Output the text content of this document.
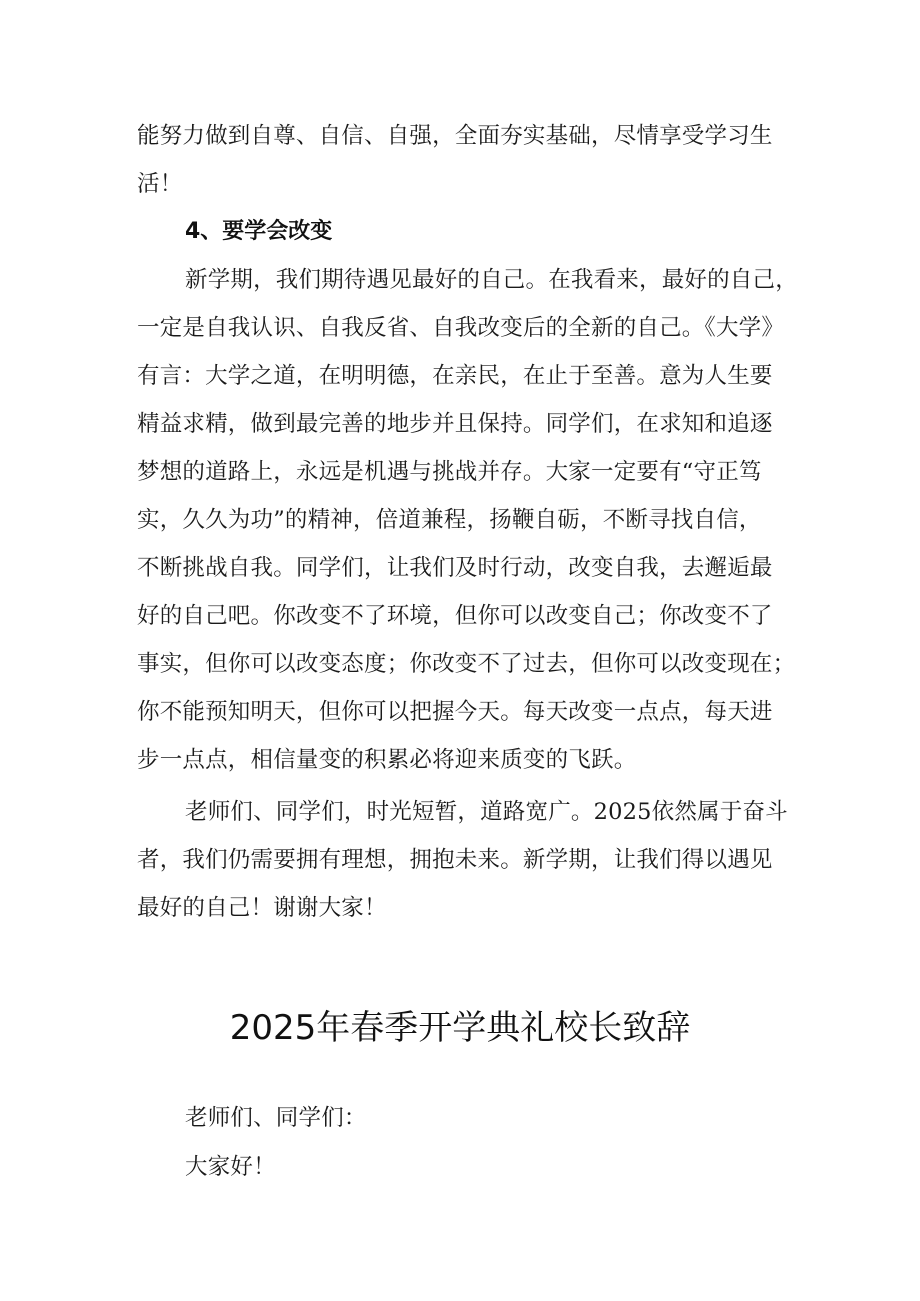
能努力做到自尊、自信、自强，全面夯实基础，尽情享受学习生
活！
4、要学会改变
新学期，我们期待遇见最好的自己。在我看来，最好的自己，
一定是自我认识、自我反省、自我改变后的全新的自己。《大学》
有言：大学之道，在明明德，在亲民，在止于至善。意为人生要
精益求精，做到最完善的地步并且保持。同学们，在求知和追逐
梦想的道路上，永远是机遇与挑战并存。大家一定要有“守正笃
实，久久为功”的精神，倍道兼程，扬鞭自砺，不断寻找自信，
不断挑战自我。同学们，让我们及时行动，改变自我，去邂逅最
好的自己吧。你改变不了环境，但你可以改变自己；你改变不了
事实，但你可以改变态度；你改变不了过去，但你可以改变现在；
你不能预知明天，但你可以把握今天。每天改变一点点，每天进
步一点点，相信量变的积累必将迎来质变的飞跃。
老师们、同学们，时光短暂，道路宽广。2025依然属于奋斗
者，我们仍需要拥有理想，拥抱未来。新学期，让我们得以遇见
最好的自己！谢谢大家！
2025年春季开学典礼校长致辞
老师们、同学们：
大家好！
